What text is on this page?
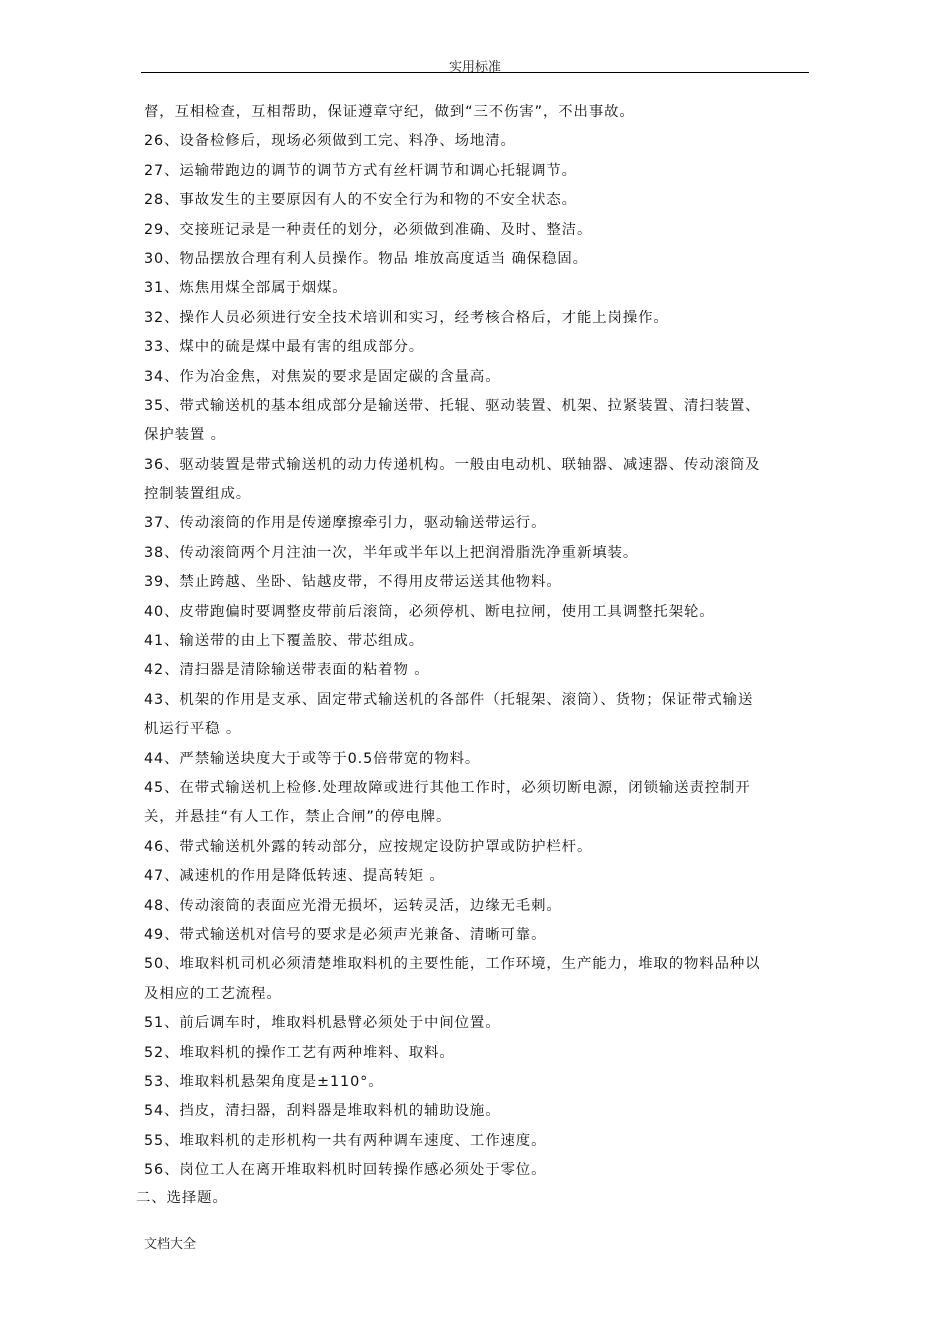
实用标准
督，互相检查，互相帮助，保证遵章守纪，做到“三不伤害”，不出事故。
26、设备检修后，现场必须做到工完、料净、场地清。
27、运输带跑边的调节的调节方式有丝杆调节和调心托辊调节。
28、事故发生的主要原因有人的不安全行为和物的不安全状态。
29、交接班记录是一种责任的划分，必须做到准确、及时、整洁。
30、物品摆放合理有利人员操作。物品 堆放高度适当 确保稳固。
31、炼焦用煤全部属于烟煤。
32、操作人员必须进行安全技术培训和实习，经考核合格后，才能上岗操作。
33、煤中的硫是煤中最有害的组成部分。
34、作为冶金焦，对焦炭的要求是固定碳的含量高。
35、带式输送机的基本组成部分是输送带、托辊、驱动装置、机架、拉紧装置、清扫装置、
保护装置 。
36、驱动装置是带式输送机的动力传递机构。一般由电动机、联轴器、减速器、传动滚筒及
控制装置组成。
37、传动滚筒的作用是传递摩擦牵引力，驱动输送带运行。
38、传动滚筒两个月注油一次，半年或半年以上把润滑脂洗净重新填装。
39、禁止跨越、坐卧、钻越皮带，不得用皮带运送其他物料。
40、皮带跑偏时要调整皮带前后滚筒，必须停机、断电拉闸，使用工具调整托架轮。
41、输送带的由上下覆盖胶、带芯组成。
42、清扫器是清除输送带表面的粘着物 。
43、机架的作用是支承、固定带式输送机的各部件（托辊架、滚筒）、货物；保证带式输送
机运行平稳 。
44、严禁输送块度大于或等于0.5倍带宽的物料。
45、在带式输送机上检修.处理故障或进行其他工作时，必须切断电源，闭锁输送责控制开
关，并悬挂“有人工作，禁止合闸”的停电牌。
46、带式输送机外露的转动部分，应按规定设防护罩或防护栏杆。
47、减速机的作用是降低转速、提高转矩 。
48、传动滚筒的表面应光滑无损坏，运转灵活，边缘无毛刺。
49、带式输送机对信号的要求是必须声光兼备、清晰可靠。
50、堆取料机司机必须清楚堆取料机的主要性能，工作环境，生产能力，堆取的物料品种以
及相应的工艺流程。
51、前后调车时，堆取料机悬臂必须处于中间位置。
52、堆取料机的操作工艺有两种堆料、取料。
53、堆取料机悬架角度是±110°。
54、挡皮，清扫器，刮料器是堆取料机的辅助设施。
55、堆取料机的走形机构一共有两种调车速度、工作速度。
56、岗位工人在离开堆取料机时回转操作感必须处于零位。
二、选择题。
文档大全
